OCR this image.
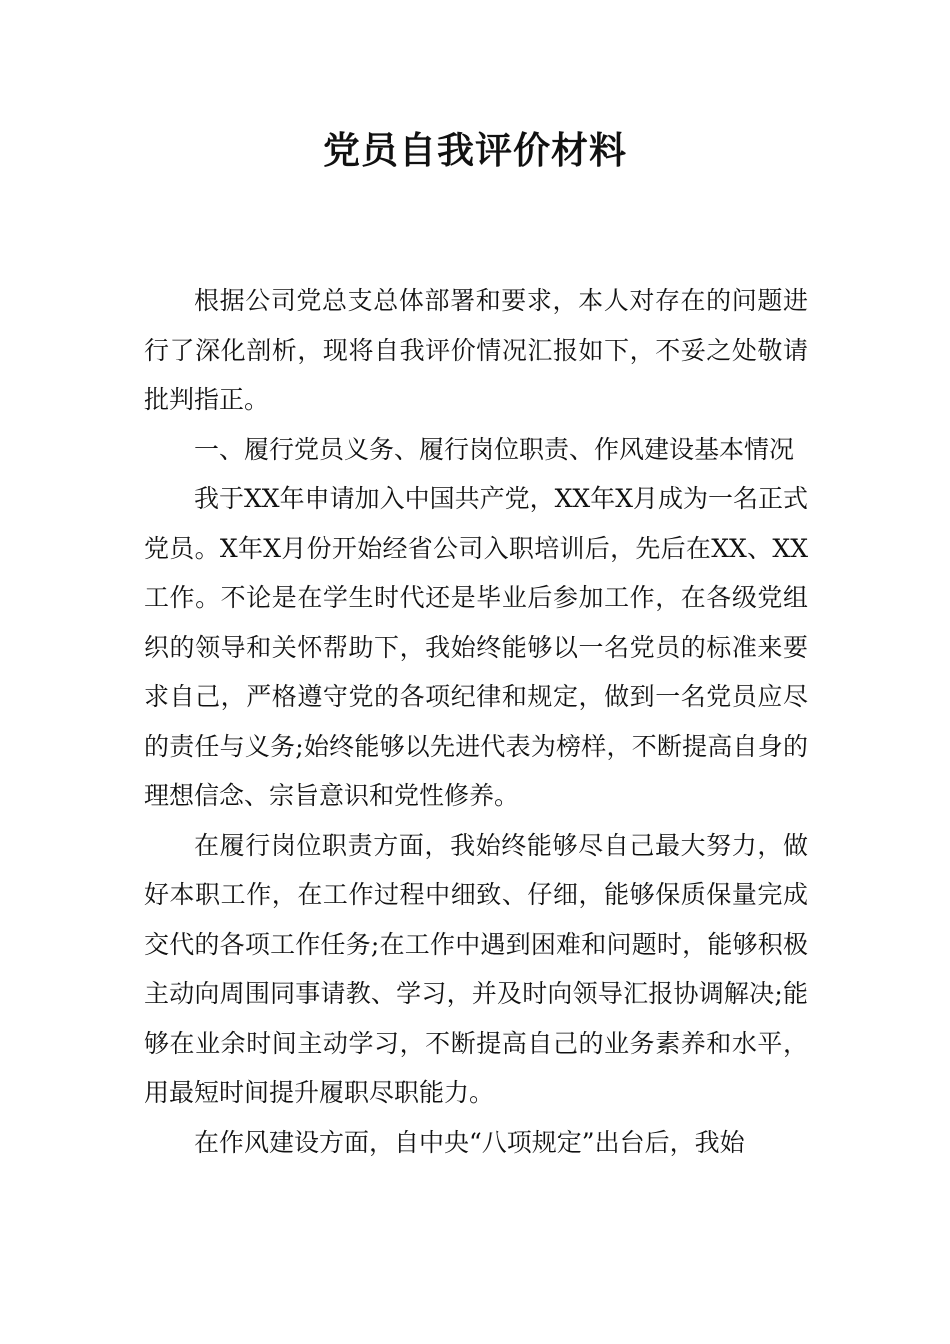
党员自我评价材料

根据公司党总支总体部署和要求，本人对存在的问题进行了深化剖析，现将自我评价情况汇报如下，不妥之处敬请批判指正。

一、履行党员义务、履行岗位职责、作风建设基本情况

我于XX年申请加入中国共产党，XX年X月成为一名正式党员。X年X月份开始经省公司入职培训后，先后在XX、XX工作。不论是在学生时代还是毕业后参加工作，在各级党组织的领导和关怀帮助下，我始终能够以一名党员的标准来要求自己，严格遵守党的各项纪律和规定，做到一名党员应尽的责任与义务;始终能够以先进代表为榜样，不断提高自身的理想信念、宗旨意识和党性修养。

在履行岗位职责方面，我始终能够尽自己最大努力，做好本职工作，在工作过程中细致、仔细，能够保质保量完成交代的各项工作任务;在工作中遇到困难和问题时，能够积极主动向周围同事请教、学习，并及时向领导汇报协调解决;能够在业余时间主动学习，不断提高自己的业务素养和水平，用最短时间提升履职尽职能力。

在作风建设方面，自中央“八项规定”出台后，我始
